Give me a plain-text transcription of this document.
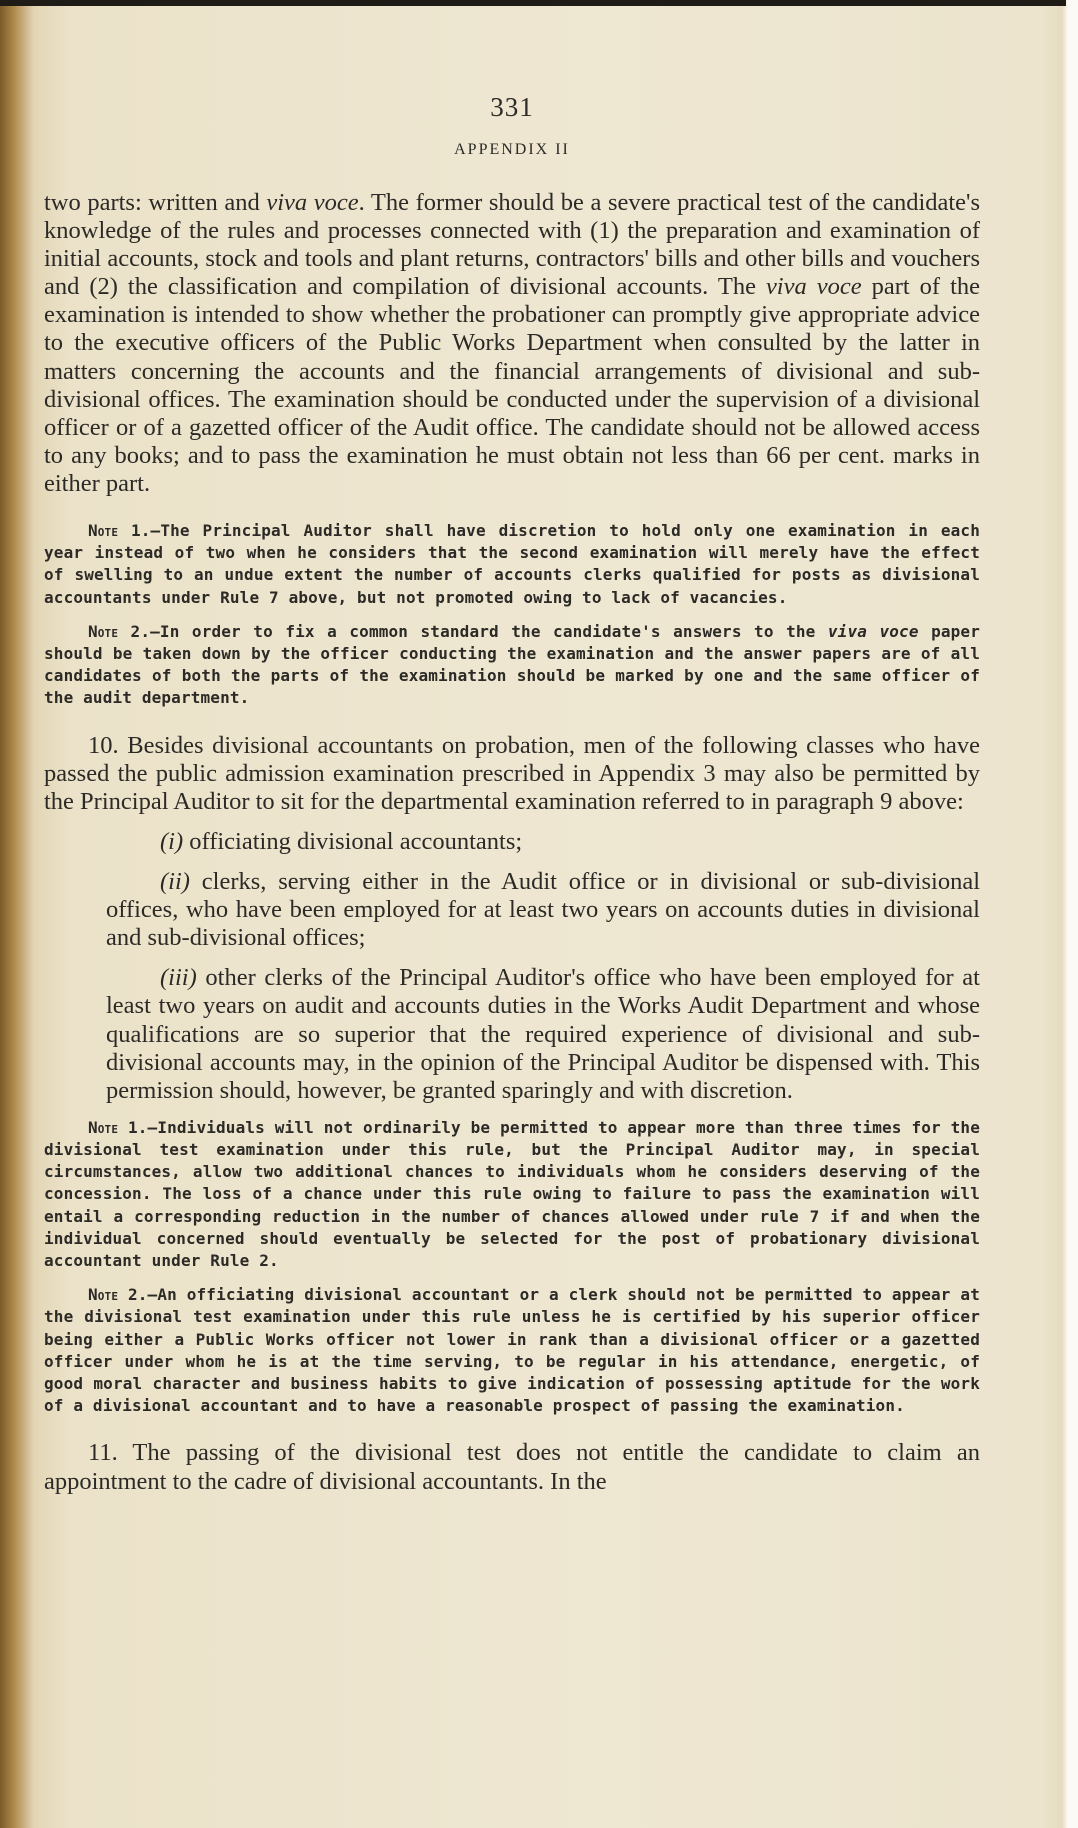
331
APPENDIX II

two parts: written and viva voce. The former should be a severe practical test of the candidate's knowledge of the rules and processes connected with (1) the preparation and examination of initial accounts, stock and tools and plant returns, contractors' bills and other bills and vouchers and (2) the classification and compilation of divisional accounts. The viva voce part of the examination is intended to show whether the probationer can promptly give appropriate advice to the executive officers of the Public Works Department when consulted by the latter in matters concerning the accounts and the financial arrangements of divisional and sub-divisional offices. The examination should be conducted under the supervision of a divisional officer or of a gazetted officer of the Audit office. The candidate should not be allowed access to any books; and to pass the examination he must obtain not less than 66 per cent. marks in either part.

Note 1.—The Principal Auditor shall have discretion to hold only one examination in each year instead of two when he considers that the second examination will merely have the effect of swelling to an undue extent the number of accounts clerks qualified for posts as divisional accountants under Rule 7 above, but not promoted owing to lack of vacancies.

Note 2.—In order to fix a common standard the candidate's answers to the viva voce paper should be taken down by the officer conducting the examination and the answer papers are of all candidates of both the parts of the examination should be marked by one and the same officer of the audit department.

10. Besides divisional accountants on probation, men of the following classes who have passed the public admission examination prescribed in Appendix 3 may also be permitted by the Principal Auditor to sit for the departmental examination referred to in paragraph 9 above:

(i) officiating divisional accountants;

(ii) clerks, serving either in the Audit office or in divisional or sub-divisional offices, who have been employed for at least two years on accounts duties in divisional and sub-divisional offices;

(iii) other clerks of the Principal Auditor's office who have been employed for at least two years on audit and accounts duties in the Works Audit Department and whose qualifications are so superior that the required experience of divisional and sub-divisional accounts may, in the opinion of the Principal Auditor be dispensed with. This permission should, however, be granted sparingly and with discretion.

Note 1.—Individuals will not ordinarily be permitted to appear more than three times for the divisional test examination under this rule, but the Principal Auditor may, in special circumstances, allow two additional chances to individuals whom he considers deserving of the concession. The loss of a chance under this rule owing to failure to pass the examination will entail a corresponding reduction in the number of chances allowed under rule 7 if and when the individual concerned should eventually be selected for the post of probationary divisional accountant under Rule 2.

Note 2.—An officiating divisional accountant or a clerk should not be permitted to appear at the divisional test examination under this rule unless he is certified by his superior officer being either a Public Works officer not lower in rank than a divisional officer or a gazetted officer under whom he is at the time serving, to be regular in his attendance, energetic, of good moral character and business habits to give indication of possessing aptitude for the work of a divisional accountant and to have a reasonable prospect of passing the examination.

11. The passing of the divisional test does not entitle the candidate to claim an appointment to the cadre of divisional accountants. In the
